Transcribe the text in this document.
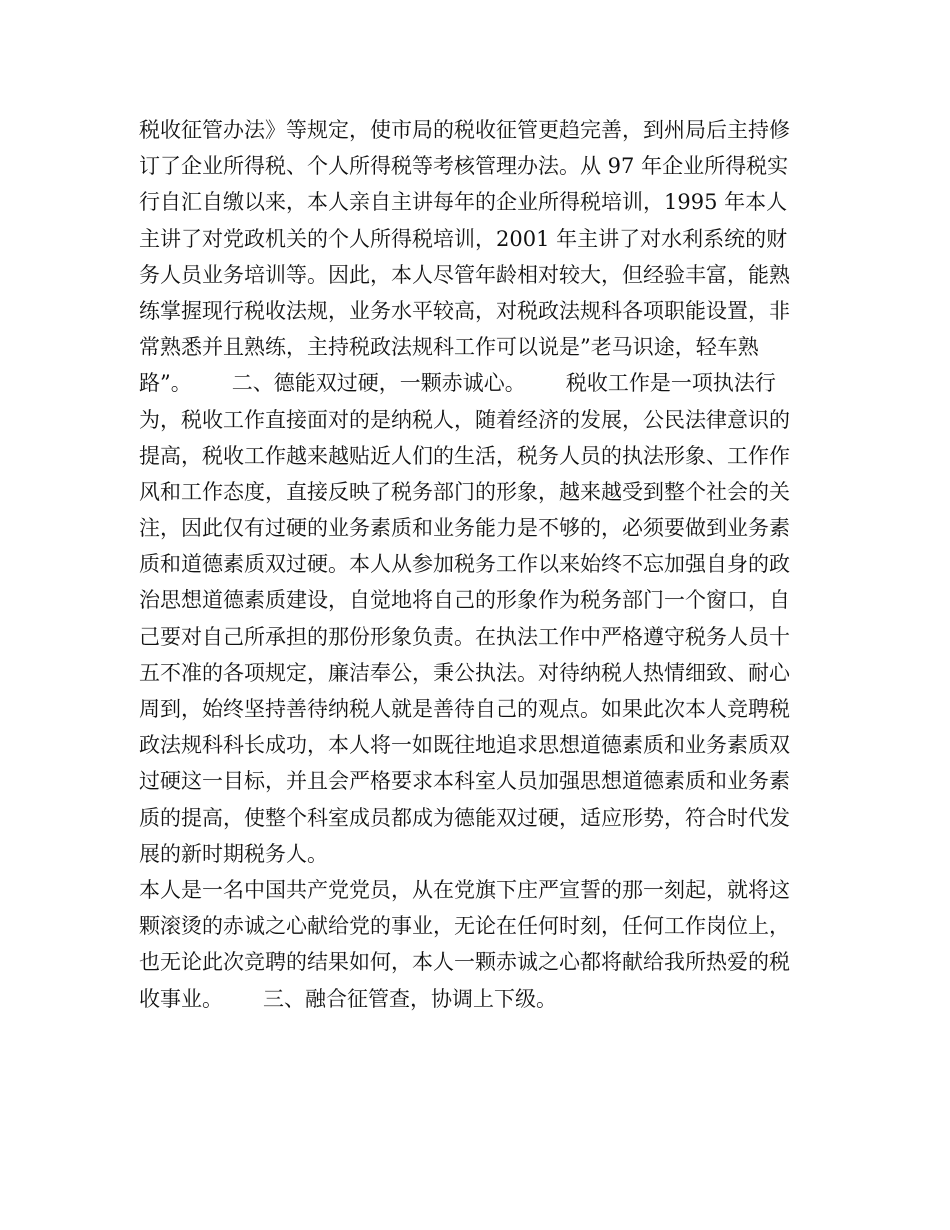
税收征管办法》等规定，使市局的税收征管更趋完善，到州局后主持修
订了企业所得税、个人所得税等考核管理办法。从 97 年企业所得税实
行自汇自缴以来，本人亲自主讲每年的企业所得税培训，1995 年本人
主讲了对党政机关的个人所得税培训，2001 年主讲了对水利系统的财
务人员业务培训等。因此，本人尽管年龄相对较大，但经验丰富，能熟
练掌握现行税收法规，业务水平较高，对税政法规科各项职能设置，非
常熟悉并且熟练，主持税政法规科工作可以说是”老马识途，轻车熟
路”。      二、德能双过硬，一颗赤诚心。      税收工作是一项执法行
为，税收工作直接面对的是纳税人，随着经济的发展，公民法律意识的
提高，税收工作越来越贴近人们的生活，税务人员的执法形象、工作作
风和工作态度，直接反映了税务部门的形象，越来越受到整个社会的关
注，因此仅有过硬的业务素质和业务能力是不够的，必须要做到业务素
质和道德素质双过硬。本人从参加税务工作以来始终不忘加强自身的政
治思想道德素质建设，自觉地将自己的形象作为税务部门一个窗口，自
己要对自己所承担的那份形象负责。在执法工作中严格遵守税务人员十
五不准的各项规定，廉洁奉公，秉公执法。对待纳税人热情细致、耐心
周到，始终坚持善待纳税人就是善待自己的观点。如果此次本人竞聘税
政法规科科长成功，本人将一如既往地追求思想道德素质和业务素质双
过硬这一目标，并且会严格要求本科室人员加强思想道德素质和业务素
质的提高，使整个科室成员都成为德能双过硬，适应形势，符合时代发
展的新时期税务人。
本人是一名中国共产党党员，从在党旗下庄严宣誓的那一刻起，就将这
颗滚烫的赤诚之心献给党的事业，无论在任何时刻，任何工作岗位上，
也无论此次竞聘的结果如何，本人一颗赤诚之心都将献给我所热爱的税
收事业。      三、融合征管查，协调上下级。
